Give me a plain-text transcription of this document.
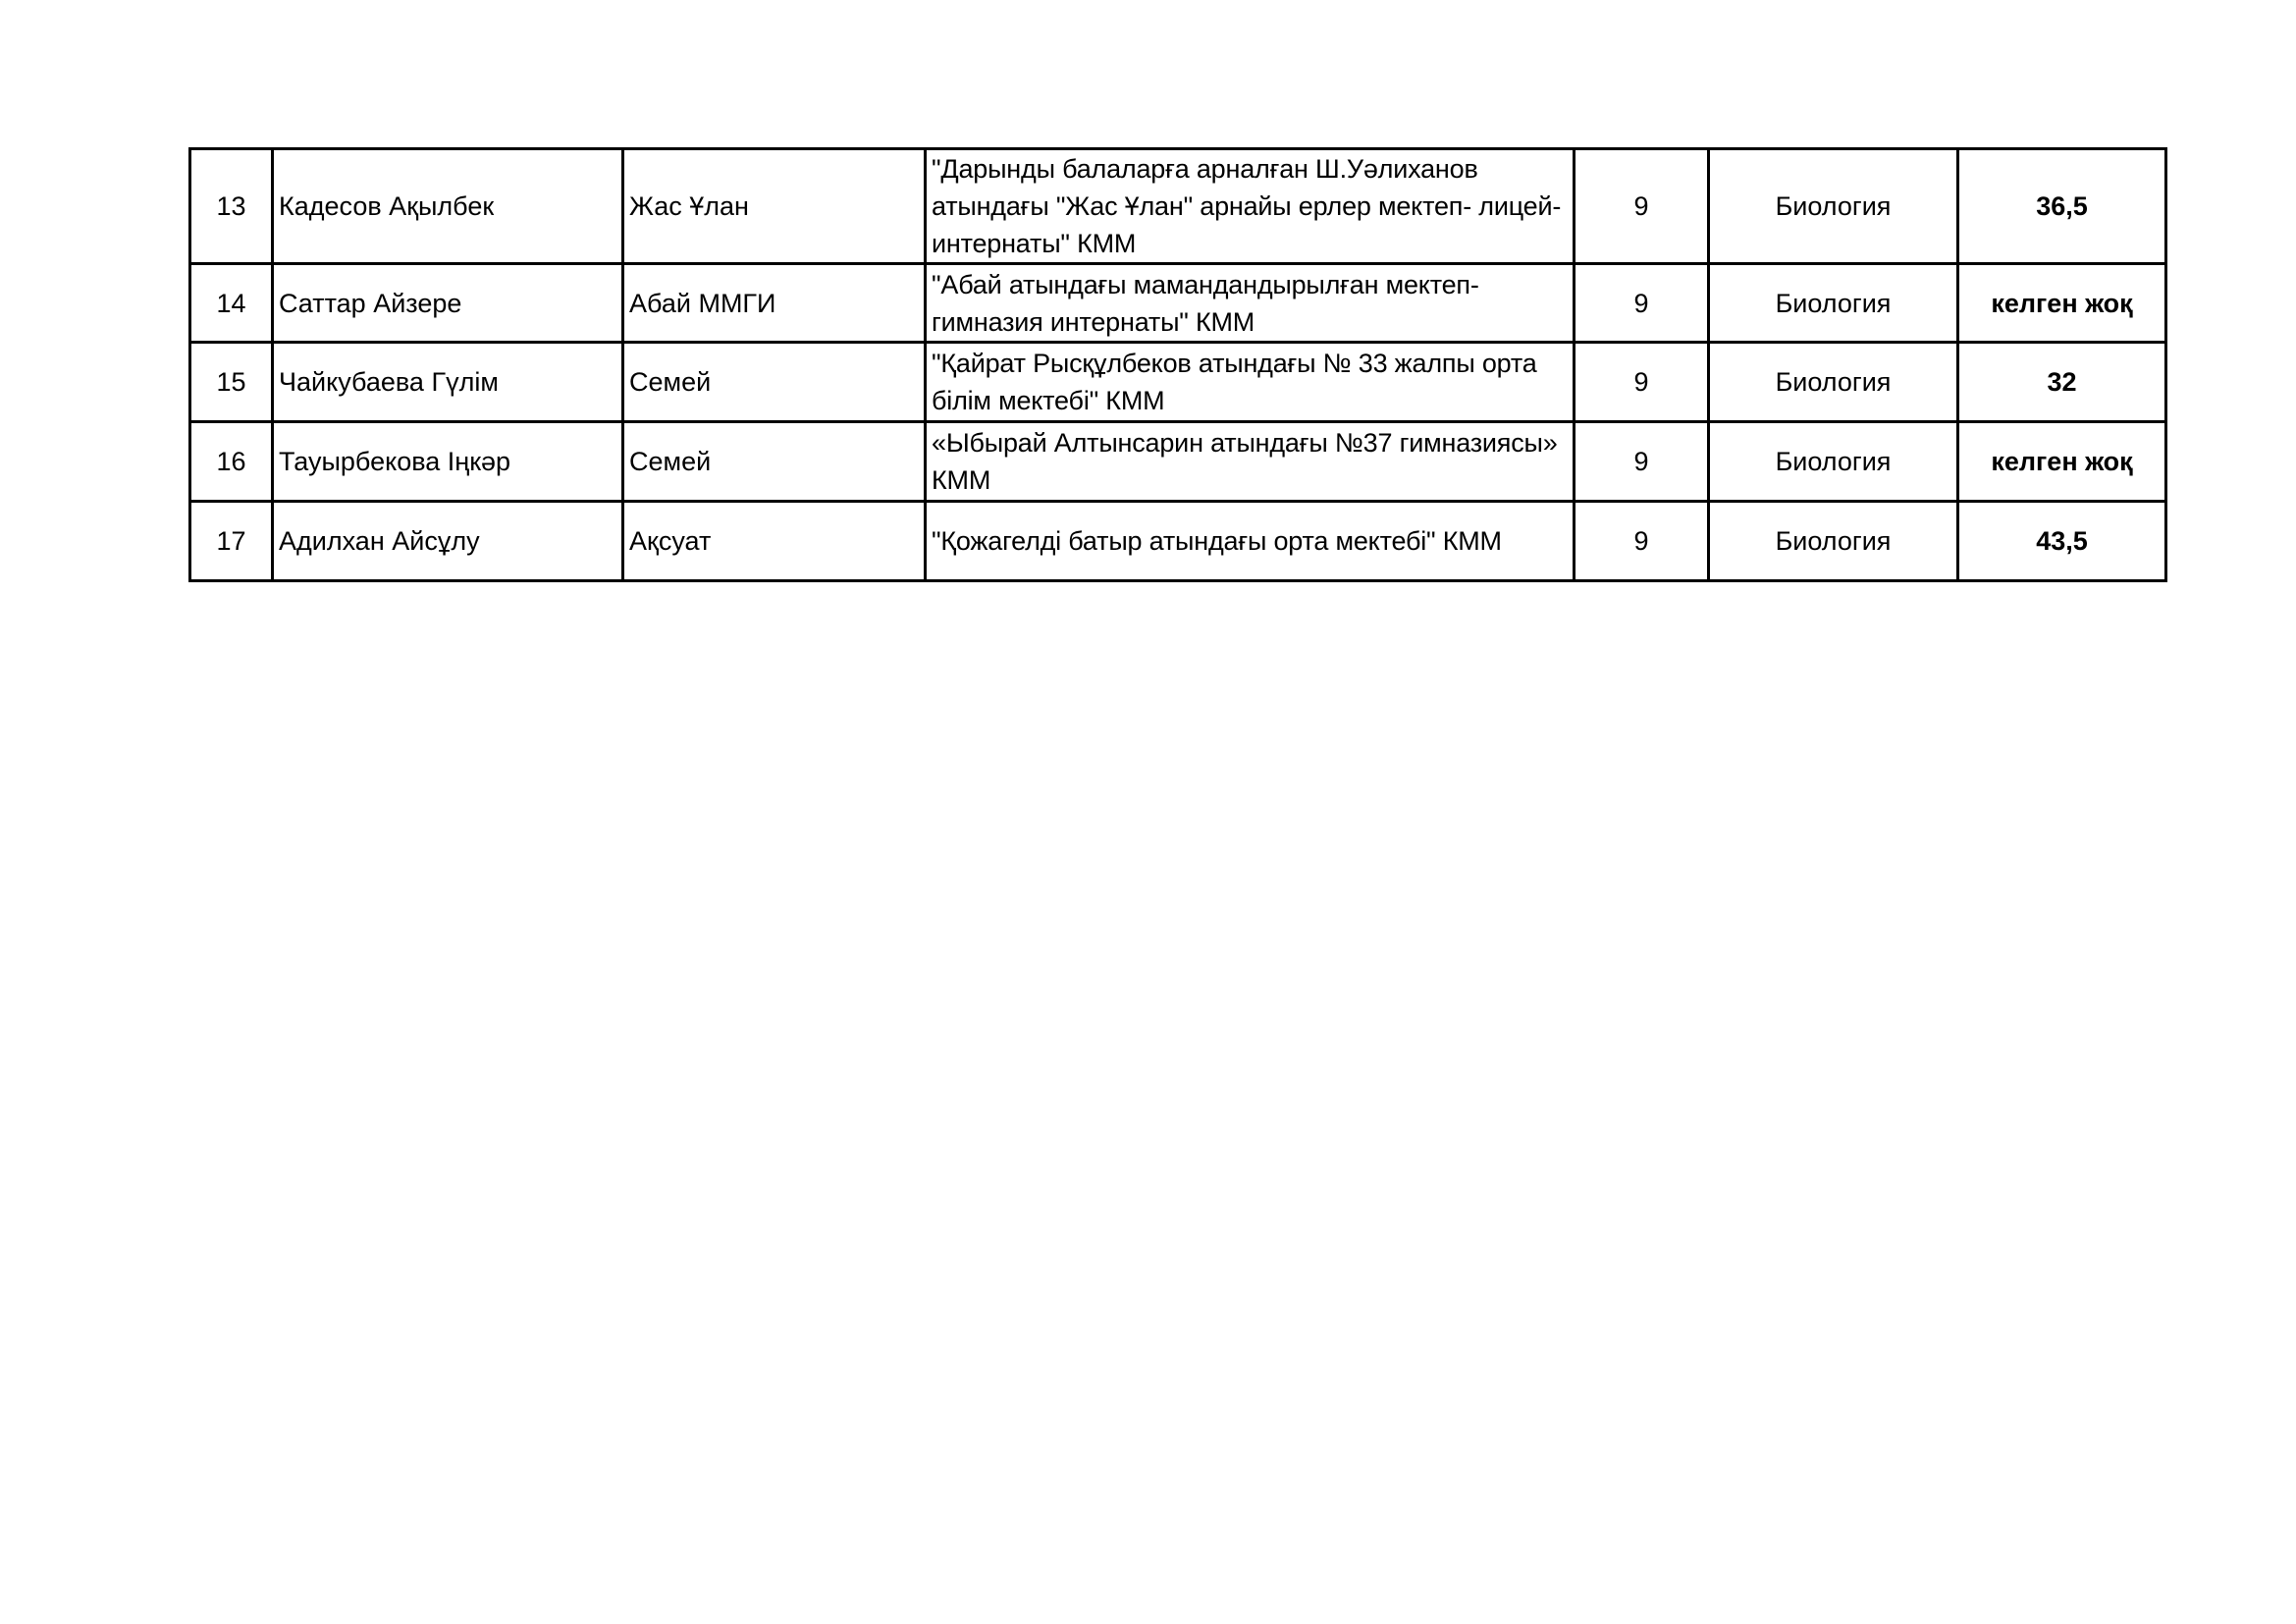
13	Кадесов Ақылбек	Жас Ұлан	"Дарынды балаларға арналған Ш.Уәлиханов атындағы "Жас Ұлан" арнайы ерлер мектеп- лицей-интернаты" КММ	9	Биология	36,5
14	Саттар Айзере	Абай ММГИ	"Абай атындағы мамандандырылған мектеп-гимназия интернаты" КММ	9	Биология	келген жоқ
15	Чайкубаева Гүлім	Семей	"Қайрат Рысқұлбеков атындағы № 33 жалпы орта білім мектебі" КММ	9	Биология	32
16	Тауырбекова Іңкәр	Семей	«Ыбырай Алтынсарин атындағы №37 гимназиясы» КММ	9	Биология	келген жоқ
17	Адилхан Айсұлу	Ақсуат	"Қожагелді батыр атындағы орта мектебі" КММ	9	Биология	43,5
